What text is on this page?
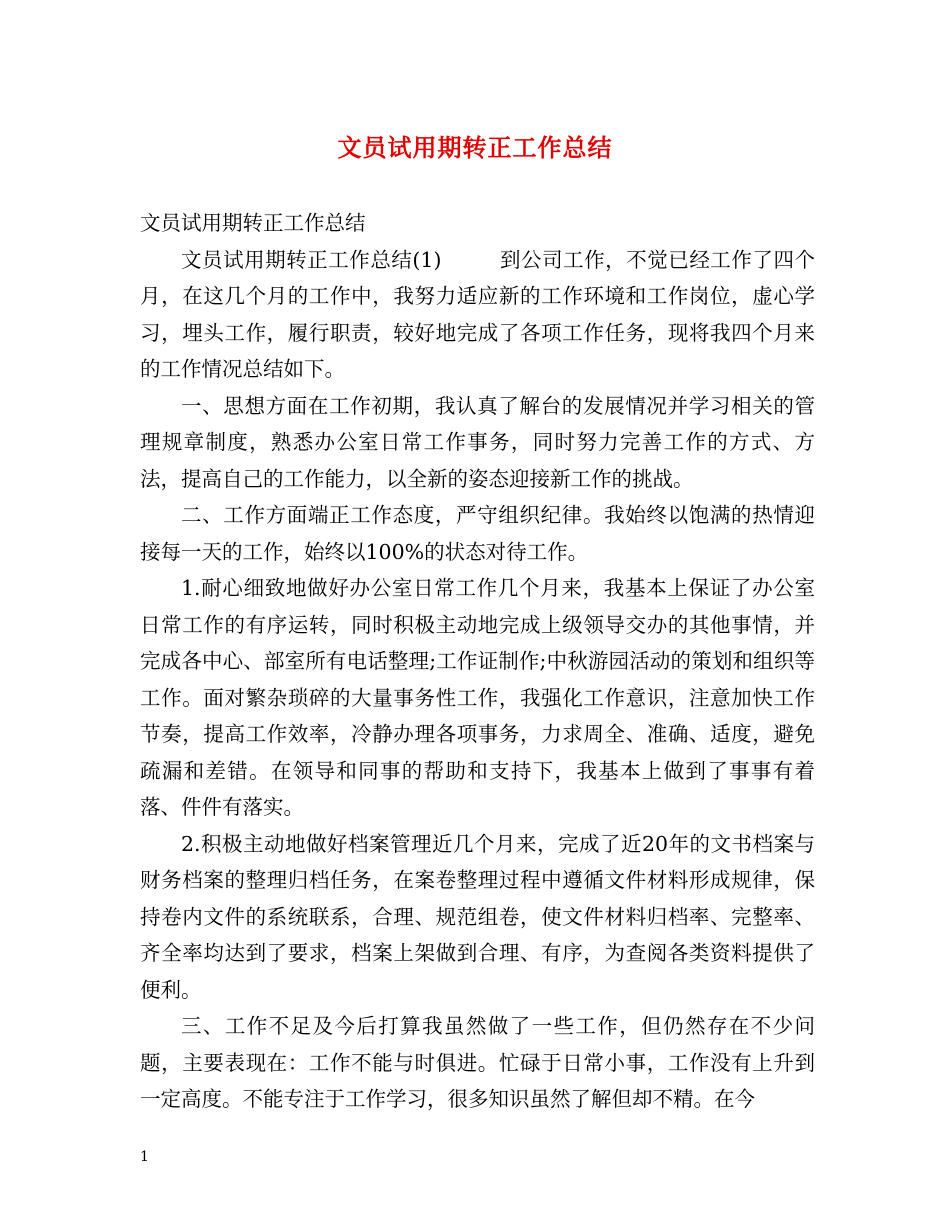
文员试用期转正工作总结

文员试用期转正工作总结

文员试用期转正工作总结(1)	到公司工作，不觉已经工作了四个月，在这几个月的工作中，我努力适应新的工作环境和工作岗位，虚心学习，埋头工作，履行职责，较好地完成了各项工作任务，现将我四个月来的工作情况总结如下。

一、思想方面在工作初期，我认真了解台的发展情况并学习相关的管理规章制度，熟悉办公室日常工作事务，同时努力完善工作的方式、方法，提高自己的工作能力，以全新的姿态迎接新工作的挑战。

二、工作方面端正工作态度，严守组织纪律。我始终以饱满的热情迎接每一天的工作，始终以100%的状态对待工作。

1.耐心细致地做好办公室日常工作几个月来，我基本上保证了办公室日常工作的有序运转，同时积极主动地完成上级领导交办的其他事情，并完成各中心、部室所有电话整理;工作证制作;中秋游园活动的策划和组织等工作。面对繁杂琐碎的大量事务性工作，我强化工作意识，注意加快工作节奏，提高工作效率，冷静办理各项事务，力求周全、准确、适度，避免疏漏和差错。在领导和同事的帮助和支持下，我基本上做到了事事有着落、件件有落实。

2.积极主动地做好档案管理近几个月来，完成了近20年的文书档案与财务档案的整理归档任务，在案卷整理过程中遵循文件材料形成规律，保持卷内文件的系统联系，合理、规范组卷，使文件材料归档率、完整率、齐全率均达到了要求，档案上架做到合理、有序，为查阅各类资料提供了便利。

三、工作不足及今后打算我虽然做了一些工作，但仍然存在不少问题，主要表现在：工作不能与时俱进。忙碌于日常小事，工作没有上升到一定高度。不能专注于工作学习，很多知识虽然了解但却不精。在今

1
